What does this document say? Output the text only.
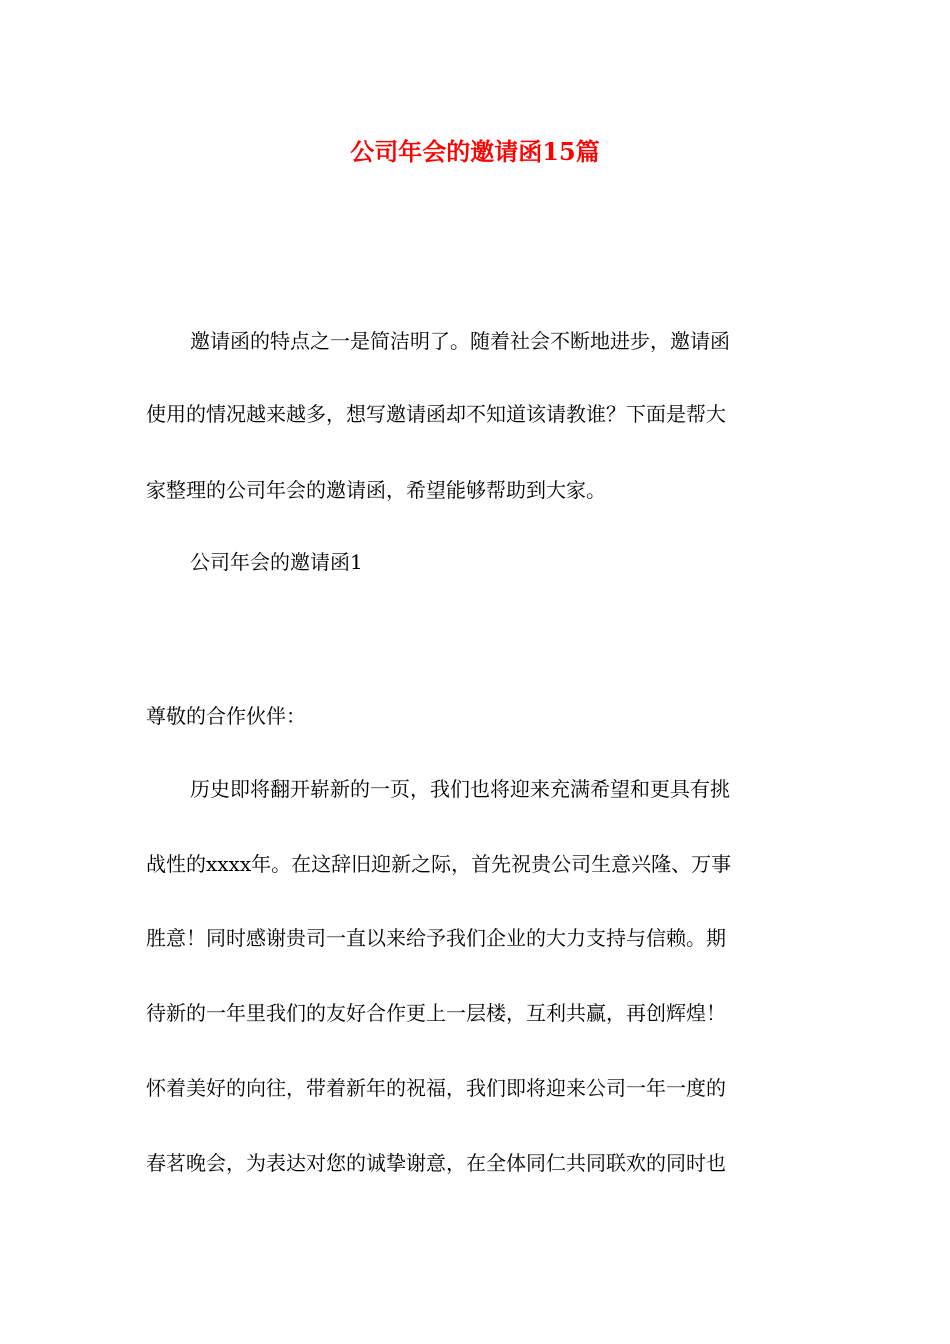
公司年会的邀请函15篇
邀请函的特点之一是简洁明了。随着社会不断地进步，邀请函
使用的情况越来越多，想写邀请函却不知道该请教谁？下面是帮大
家整理的公司年会的邀请函，希望能够帮助到大家。
公司年会的邀请函1
尊敬的合作伙伴：
历史即将翻开崭新的一页，我们也将迎来充满希望和更具有挑
战性的xxxx年。在这辞旧迎新之际，首先祝贵公司生意兴隆、万事
胜意！同时感谢贵司一直以来给予我们企业的大力支持与信赖。期
待新的一年里我们的友好合作更上一层楼，互利共赢，再创辉煌！
怀着美好的向往，带着新年的祝福，我们即将迎来公司一年一度的
春茗晚会，为表达对您的诚挚谢意，在全体同仁共同联欢的同时也
